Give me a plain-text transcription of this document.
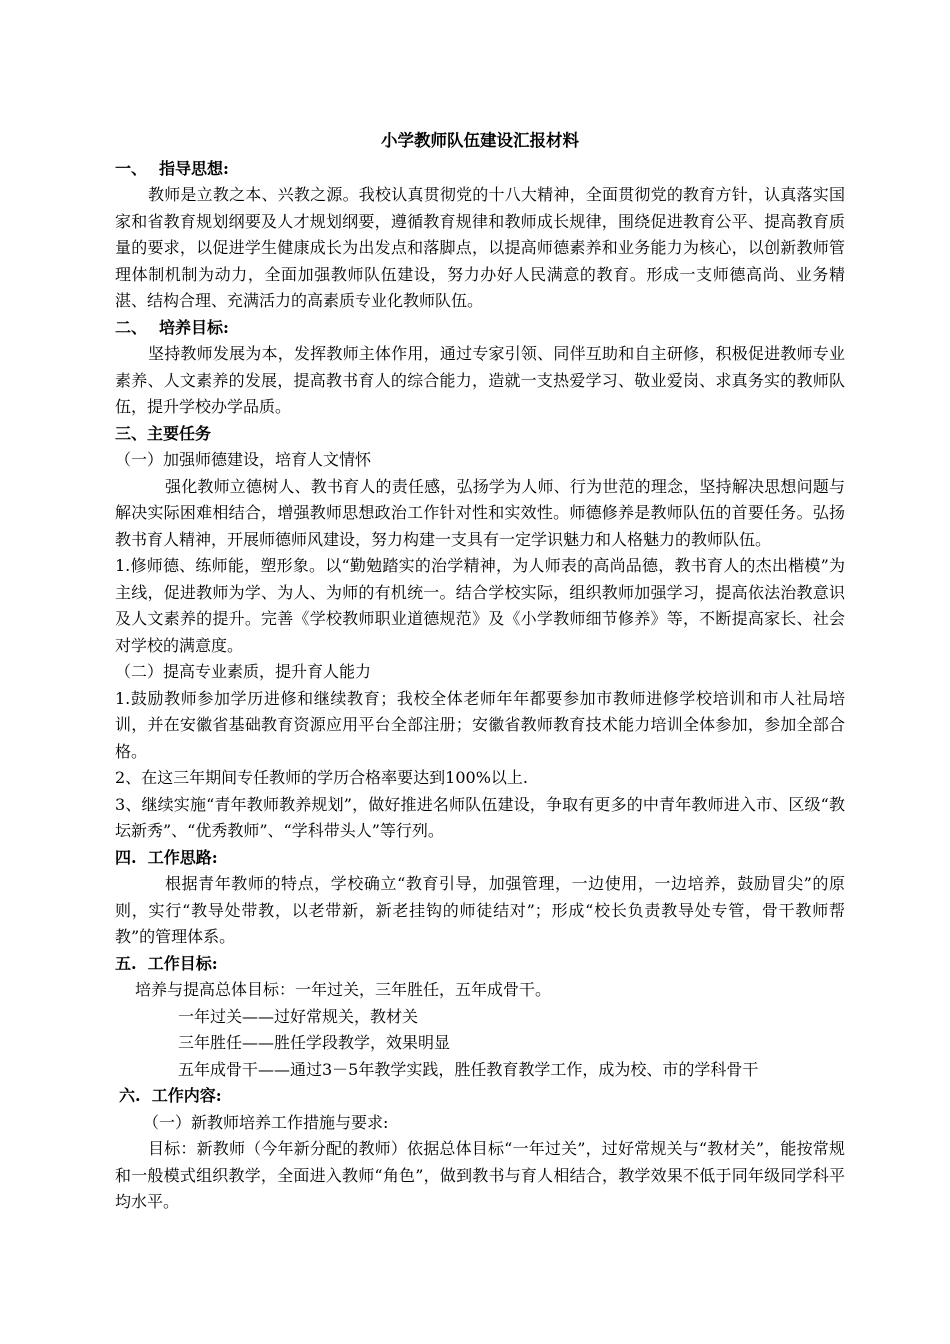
小学教师队伍建设汇报材料
一、 指导思想:

教师是立教之本、兴教之源。我校认真贯彻党的十八大精神，全面贯彻党的教育方针，认真落实国家和省教育规划纲要及人才规划纲要，遵循教育规律和教师成长规律，围绕促进教育公平、提高教育质量的要求，以促进学生健康成长为出发点和落脚点，以提高师德素养和业务能力为核心，以创新教师管理体制机制为动力，全面加强教师队伍建设，努力办好人民满意的教育。形成一支师德高尚、业务精湛、结构合理、充满活力的高素质专业化教师队伍。

二、 培养目标:

坚持教师发展为本，发挥教师主体作用，通过专家引领、同伴互助和自主研修，积极促进教师专业素养、人文素养的发展，提高教书育人的综合能力，造就一支热爱学习、敬业爱岗、求真务实的教师队伍，提升学校办学品质。

三、主要任务
（一）加强师德建设，培育人文情怀

强化教师立德树人、教书育人的责任感，弘扬学为人师、行为世范的理念，坚持解决思想问题与解决实际困难相结合，增强教师思想政治工作针对性和实效性。师德修养是教师队伍的首要任务。弘扬教书育人精神，开展师德师风建设，努力构建一支具有一定学识魅力和人格魅力的教师队伍。

1.修师德、练师能，塑形象。以“勤勉踏实的治学精神，为人师表的高尚品德，教书育人的杰出楷模”为主线，促进教师为学、为人、为师的有机统一。结合学校实际，组织教师加强学习，提高依法治教意识及人文素养的提升。完善《学校教师职业道德规范》及《小学教师细节修养》等，不断提高家长、社会对学校的满意度。

（二）提高专业素质，提升育人能力

1.鼓励教师参加学历进修和继续教育；我校全体老师年年都要参加市教师进修学校培训和市人社局培训，并在安徽省基础教育资源应用平台全部注册；安徽省教师教育技术能力培训全体参加，参加全部合格。

2、在这三年期间专任教师的学历合格率要达到100%以上.

3、继续实施“青年教师教养规划”，做好推进名师队伍建设，争取有更多的中青年教师进入市、区级“教坛新秀”、“优秀教师”、“学科带头人”等行列。

四.  工作思路:

根据青年教师的特点，学校确立“教育引导，加强管理，一边使用，一边培养，鼓励冒尖”的原则，实行“教导处带教，以老带新，新老挂钩的师徒结对”；形成“校长负责教导处专管，骨干教师帮教”的管理体系。

五.  工作目标:

培养与提高总体目标：一年过关，三年胜任，五年成骨干。

一年过关——过好常规关，教材关

三年胜任——胜任学段教学，效果明显

五年成骨干——通过3－5年教学实践，胜任教育教学工作，成为校、市的学科骨干

六.  工作内容:
（一）新教师培养工作措施与要求:

目标：新教师（今年新分配的教师）依据总体目标“一年过关”，过好常规关与“教材关”，能按常规和一般模式组织教学，全面进入教师“角色”，做到教书与育人相结合，教学效果不低于同年级同学科平均水平。
